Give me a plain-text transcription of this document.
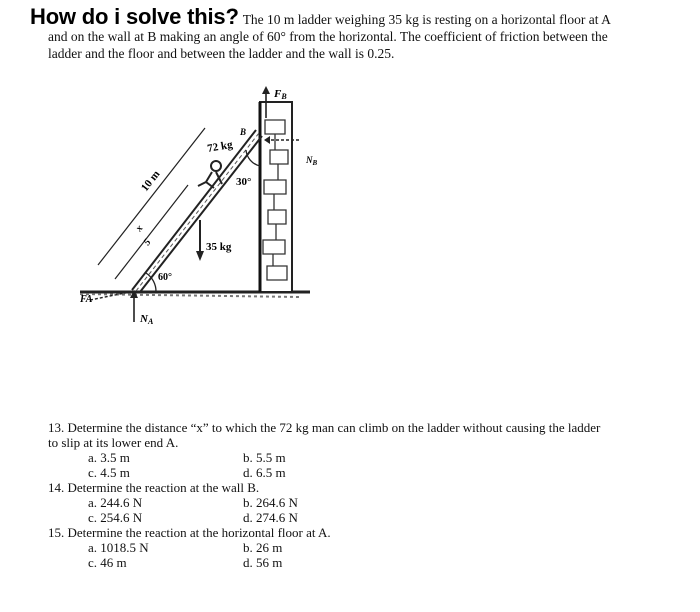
How do i solve this? The 10 m ladder weighing 35 kg is resting on a horizontal floor at A
and on the wall at B making an angle of 60° from the horizontal. The coefficient of friction between the
ladder and the floor and between the ladder and the wall is 0.25.
FB
$N_B$
B
72 kg
30°
10 m
x
5	35 kg
60°
FA
NA

13. Determine the distance “x” to which the 72 kg man can climb on the ladder without causing the ladder

to slip at its lower end A.

a. 3.5 m	b. 5.5 m
c. 4.5 m	d. 6.5 m

14. Determine the reaction at the wall B.

a. 244.6 N	b. 264.6 N
c. 254.6 N	d. 274.6 N

15. Determine the reaction at the horizontal floor at A.

a. 1018.5 N	b. 26 m
c. 46 m	d. 56 m
